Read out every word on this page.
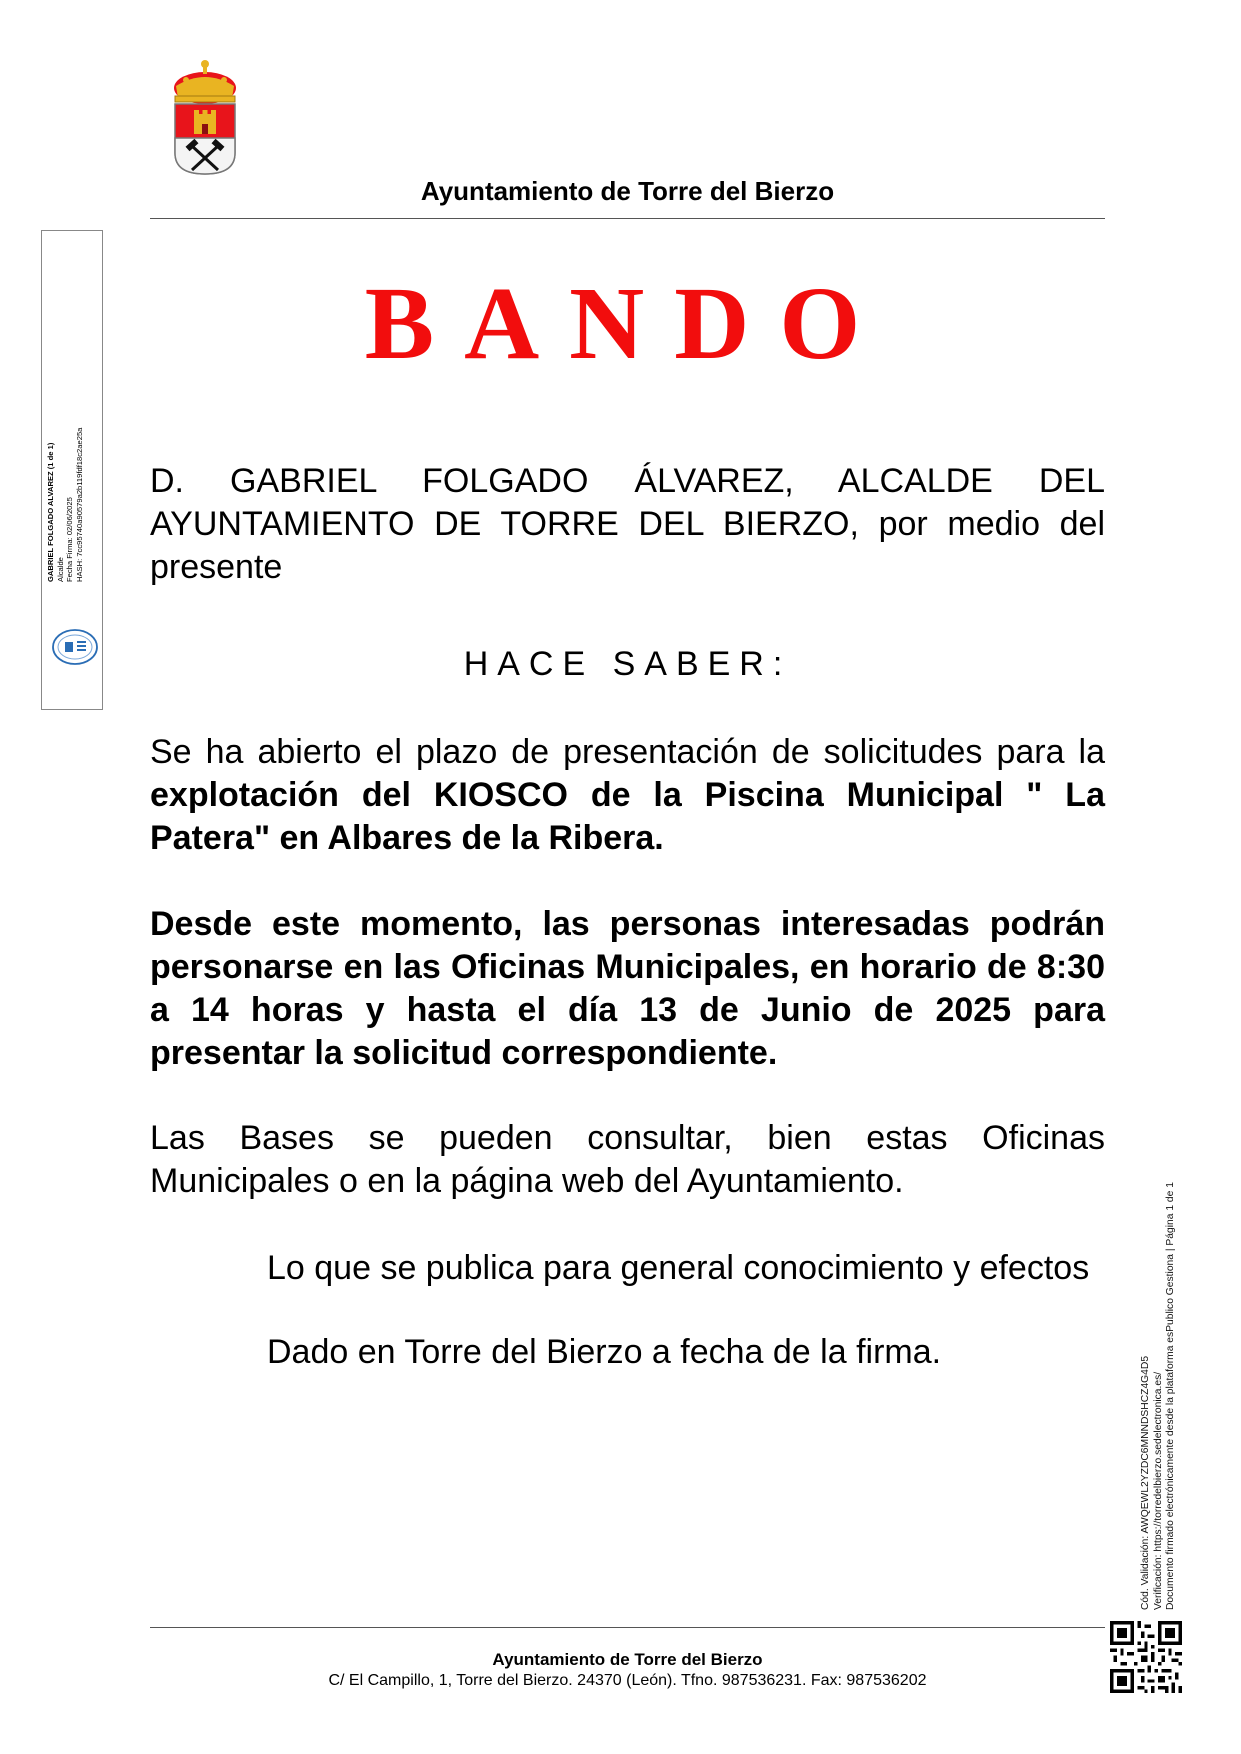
Ayuntamiento de Torre del Bierzo
BANDO
D. GABRIEL FOLGADO ÁLVAREZ, ALCALDE DEL AYUNTAMIENTO DE TORRE DEL BIERZO, por medio del presente
HACE SABER:
Se ha abierto el plazo de presentación de solicitudes para la explotación del KIOSCO de la Piscina Municipal " La Patera" en Albares de la Ribera.
Desde este momento, las personas interesadas podrán personarse en las Oficinas Municipales, en horario de 8:30 a 14 horas y hasta el día 13 de Junio de 2025 para presentar la solicitud correspondiente.
Las Bases se pueden consultar, bien estas Oficinas Municipales o en la página web del Ayuntamiento.
Lo que se publica para general conocimiento y efectos
Dado en Torre del Bierzo a fecha de la firma.
GABRIEL FOLGADO ALVAREZ (1 de 1) Alcalde Fecha Firma: 02/06/2025 HASH: 7cc95740a90579a2b119fdf18c2ae25a
Cód. Validación: AWQEWL2YZDC6MNNDSHCZ4G4D5 Verificación: https://torredelbierzo.sedelectronica.es/ Documento firmado electrónicamente desde la plataforma esPublico Gestiona | Página 1 de 1
Ayuntamiento de Torre del Bierzo
C/ El Campillo, 1, Torre del Bierzo. 24370 (León). Tfno. 987536231. Fax: 987536202
